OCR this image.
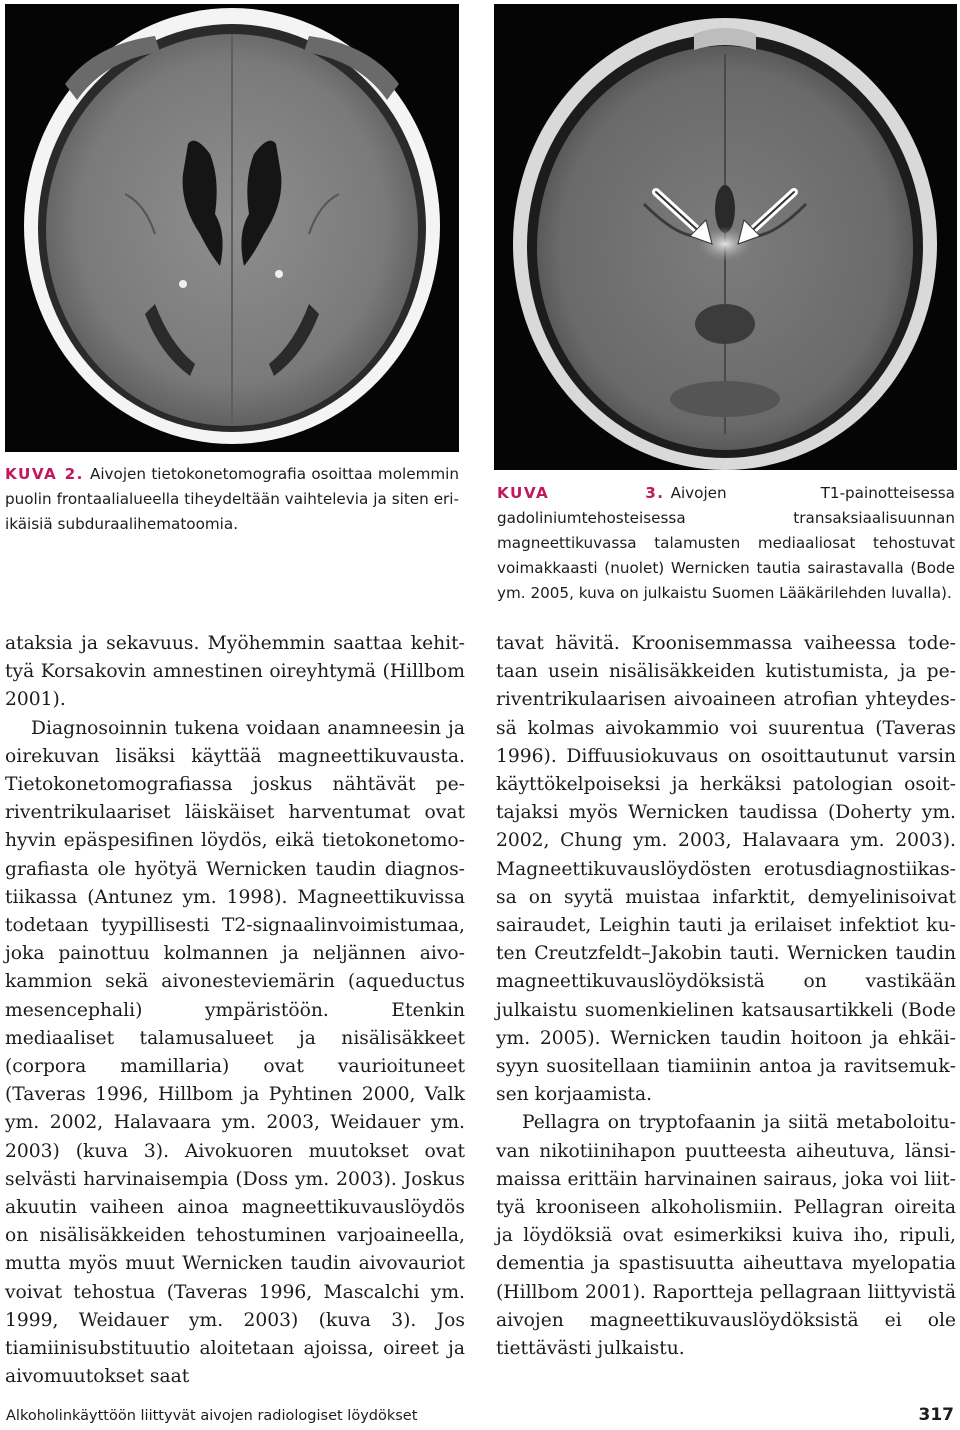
KUVA 2. Aivojen tietokonetomografia osoittaa molemmin puolin frontaalialueella tiheydeltään vaihtelevia ja siten eri-ikäisiä subduraalihematoomia.
KUVA 3. Aivojen T1-painotteisessa gadoliniumtehosteisessa transaksiaalisuunnan magneettikuvassa talamusten mediaaliosat tehostuvat voimakkaasti (nuolet) Wernicken tautia sairastavalla (Bode ym. 2005, kuva on julkaistu Suomen Lääkärilehden luvalla).

ataksia ja sekavuus. Myöhemmin saattaa kehittyä Korsakovin amnestinen oireyhtymä (Hillbom 2001).

Diagnosoinnin tukena voidaan anamneesin ja oirekuvan lisäksi käyttää magneettikuvausta. Tietokonetomografiassa joskus nähtävät periventrikulaariset läiskäiset harventumat ovat hyvin epäspesifinen löydös, eikä tietokonetomografiasta ole hyötyä Wernicken taudin diagnostiikassa (Antunez ym. 1998). Magneettikuvissa todetaan tyypillisesti T2-signaalinvoimistumaa, joka painottuu kolmannen ja neljännen aivokammion sekä aivonesteviemärin (aqueductus mesencephali) ympäristöön. Etenkin mediaaliset talamusalueet ja nisälisäkkeet (corpora mamillaria) ovat vaurioituneet (Taveras 1996, Hillbom ja Pyhtinen 2000, Valk ym. 2002, Halavaara ym. 2003, Weidauer ym. 2003) (kuva 3). Aivokuoren muutokset ovat selvästi harvinaisempia (Doss ym. 2003). Joskus akuutin vaiheen ainoa magneettikuvauslöydös on nisälisäkkeiden tehostuminen varjoaineella, mutta myös muut Wernicken taudin aivovauriot voivat tehostua (Taveras 1996, Mascalchi ym. 1999, Weidauer ym. 2003) (kuva 3). Jos tiamiinisubstituutio aloitetaan ajoissa, oireet ja aivomuutokset saat

tavat hävitä. Kroonisemmassa vaiheessa todetaan usein nisälisäkkeiden kutistumista, ja periventrikulaarisen aivoaineen atrofian yhteydessä kolmas aivokammio voi suurentua (Taveras 1996). Diffuusiokuvaus on osoittautunut varsin käyttökelpoiseksi ja herkäksi patologian osoittajaksi myös Wernicken taudissa (Doherty ym. 2002, Chung ym. 2003, Halavaara ym. 2003). Magneettikuvauslöydösten erotusdiagnostiikassa on syytä muistaa infarktit, demyelinisoivat sairaudet, Leighin tauti ja erilaiset infektiot kuten Creutzfeldt–Jakobin tauti. Wernicken taudin magneettikuvauslöydöksistä on vastikään julkaistu suomenkielinen katsausartikkeli (Bode ym. 2005). Wernicken taudin hoitoon ja ehkäisyyn suositellaan tiamiinin antoa ja ravitsemuksen korjaamista.

Pellagra on tryptofaanin ja siitä metaboloituvan nikotiinihapon puutteesta aiheutuva, länsimaissa erittäin harvinainen sairaus, joka voi liittyä krooniseen alkoholismiin. Pellagran oireita ja löydöksiä ovat esimerkiksi kuiva iho, ripuli, dementia ja spastisuutta aiheuttava myelopatia (Hillbom 2001). Raportteja pellagraan liittyvistä aivojen magneettikuvauslöydöksistä ei ole tiettävästi julkaistu.

Alkoholinkäyttöön liittyvät aivojen radiologiset löydökset	317
